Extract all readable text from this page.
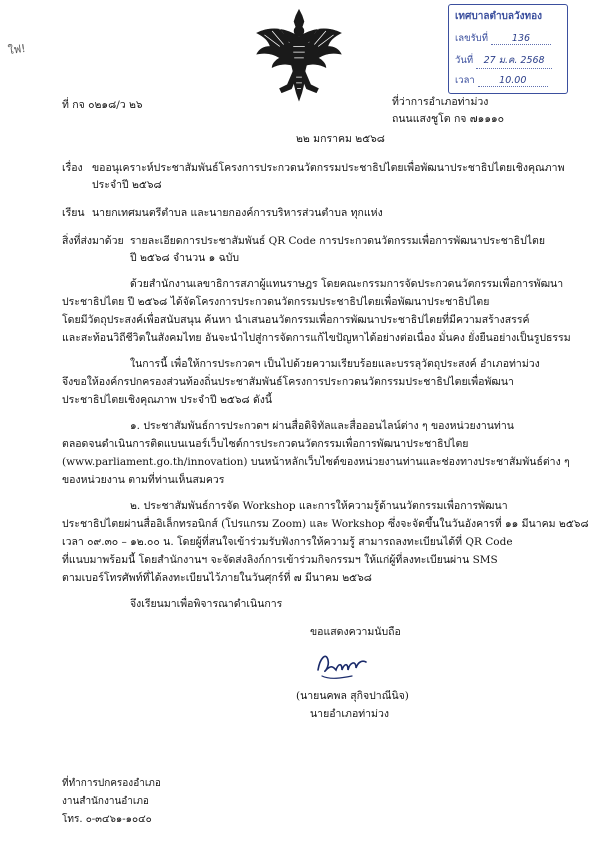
ใฟ!
เทศบาลตำบลวังทอง
เลขรับที่	136
วันที่ 27 ม.ค. 2568
เวลา	10.00
ที่ กจ ๐๒๑๘/ว ๒๖	ที่ว่าการอำเภอท่าม่วง
ถนนแสงชูโต กจ ๗๑๑๑๐
๒๒ มกราคม ๒๕๖๘
เรื่อง ขออนุเคราะห์ประชาสัมพันธ์โครงการประกวดนวัตกรรมประชาธิปไตยเพื่อพัฒนาประชาธิปไตยเชิงคุณภาพ
ประจำปี ๒๕๖๘
เรียน นายกเทศมนตรีตำบล และนายกองค์การบริหารส่วนตำบล ทุกแห่ง
สิ่งที่ส่งมาด้วย รายละเอียดการประชาสัมพันธ์ QR Code การประกวดนวัตกรรมเพื่อการพัฒนาประชาธิปไตย
ปี ๒๕๖๘ จำนวน ๑ ฉบับ
ด้วยสำนักงานเลขาธิการสภาผู้แทนราษฎร โดยคณะกรรมการจัดประกวดนวัตกรรมเพื่อการพัฒนา
ประชาธิปไตย ปี ๒๕๖๘ ได้จัดโครงการประกวดนวัตกรรมประชาธิปไตยเพื่อพัฒนาประชาธิปไตย
โดยมีวัตถุประสงค์เพื่อสนับสนุน ค้นหา นำเสนอนวัตกรรมเพื่อการพัฒนาประชาธิปไตยที่มีความสร้างสรรค์
และสะท้อนวิถีชีวิตในสังคมไทย อันจะนำไปสู่การจัดการแก้ไขปัญหาได้อย่างต่อเนื่อง มั่นคง ยั่งยืนอย่างเป็นรูปธรรม
ในการนี้ เพื่อให้การประกวดฯ เป็นไปด้วยความเรียบร้อยและบรรลุวัตถุประสงค์ อำเภอท่าม่วง
จึงขอให้องค์กรปกครองส่วนท้องถิ่นประชาสัมพันธ์โครงการประกวดนวัตกรรมประชาธิปไตยเพื่อพัฒนา
ประชาธิปไตยเชิงคุณภาพ ประจำปี ๒๕๖๘ ดังนี้
๑. ประชาสัมพันธ์การประกวดฯ ผ่านสื่อดิจิทัลและสื่อออนไลน์ต่าง ๆ ของหน่วยงานท่าน
ตลอดจนดำเนินการติดแบนเนอร์เว็บไซต์การประกวดนวัตกรรมเพื่อการพัฒนาประชาธิปไตย
(www.parliament.go.th/innovation) บนหน้าหลักเว็บไซต์ของหน่วยงานท่านและช่องทางประชาสัมพันธ์ต่าง ๆ
ของหน่วยงาน ตามที่ท่านเห็นสมควร
๒. ประชาสัมพันธ์การจัด Workshop และการให้ความรู้ด้านนวัตกรรมเพื่อการพัฒนา
ประชาธิปไตยผ่านสื่ออิเล็กทรอนิกส์ (โปรแกรม Zoom) และ Workshop ซึ่งจะจัดขึ้นในวันอังคารที่ ๑๑ มีนาคม ๒๕๖๘
เวลา ๐๙.๓๐ – ๑๒.๐๐ น. โดยผู้ที่สนใจเข้าร่วมรับฟังการให้ความรู้ สามารถลงทะเบียนได้ที่ QR Code
ที่แนบมาพร้อมนี้ โดยสำนักงานฯ จะจัดส่งลิงก์การเข้าร่วมกิจกรรมฯ ให้แก่ผู้ที่ลงทะเบียนผ่าน SMS
ตามเบอร์โทรศัพท์ที่ได้ลงทะเบียนไว้ภายในวันศุกร์ที่ ๗ มีนาคม ๒๕๖๘
จึงเรียนมาเพื่อพิจารณาดำเนินการ
ขอแสดงความนับถือ
(นายนคพล สุกิจปาณีนิจ)
นายอำเภอท่าม่วง
ที่ทำการปกครองอำเภอ
งานสำนักงานอำเภอ
โทร. ๐-๓๔๖๑-๑๐๔๐
